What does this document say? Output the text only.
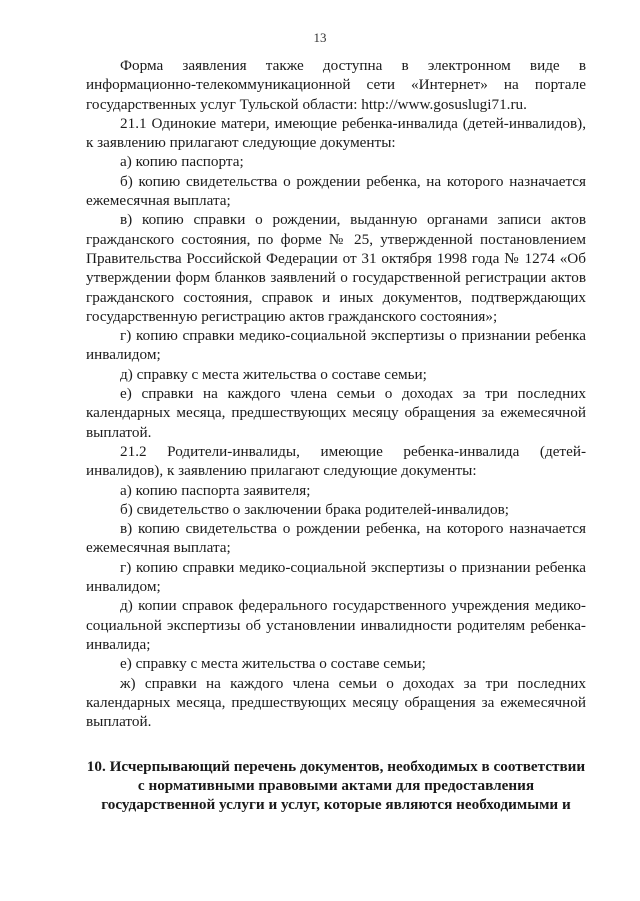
13

Форма заявления также доступна в электронном виде в информационно-телекоммуникационной сети «Интернет» на портале государственных услуг Тульской области: http://www.gosuslugi71.ru.

21.1 Одинокие матери, имеющие ребенка-инвалида (детей-инвалидов), к заявлению прилагают следующие документы:

а) копию паспорта;

б) копию свидетельства о рождении ребенка, на которого назначается ежемесячная выплата;

в) копию справки о рождении, выданную органами записи актов гражданского состояния, по форме № 25, утвержденной постановлением Правительства Российской Федерации от 31 октября 1998 года № 1274 «Об утверждении форм бланков заявлений о государственной регистрации актов гражданского состояния, справок и иных документов, подтверждающих государственную регистрацию актов гражданского состояния»;

г) копию справки медико-социальной экспертизы о признании ребенка инвалидом;

д) справку с места жительства о составе семьи;

е) справки на каждого члена семьи о доходах за три последних календарных месяца, предшествующих месяцу обращения за ежемесячной выплатой.

21.2 Родители-инвалиды, имеющие ребенка-инвалида (детей-инвалидов), к заявлению прилагают следующие документы:

а) копию паспорта заявителя;

б) свидетельство о заключении брака родителей-инвалидов;

в) копию свидетельства о рождении ребенка, на которого назначается ежемесячная выплата;

г) копию справки медико-социальной экспертизы о признании ребенка инвалидом;

д) копии справок федерального государственного учреждения медико-социальной экспертизы об установлении инвалидности родителям ребенка-инвалида;

е) справку с места жительства о составе семьи;

ж) справки на каждого члена семьи о доходах за три последних календарных месяца, предшествующих месяцу обращения за ежемесячной выплатой.

10. Исчерпывающий перечень документов, необходимых в соответствии
с нормативными правовыми актами для предоставления
государственной услуги и услуг, которые являются необходимыми и
